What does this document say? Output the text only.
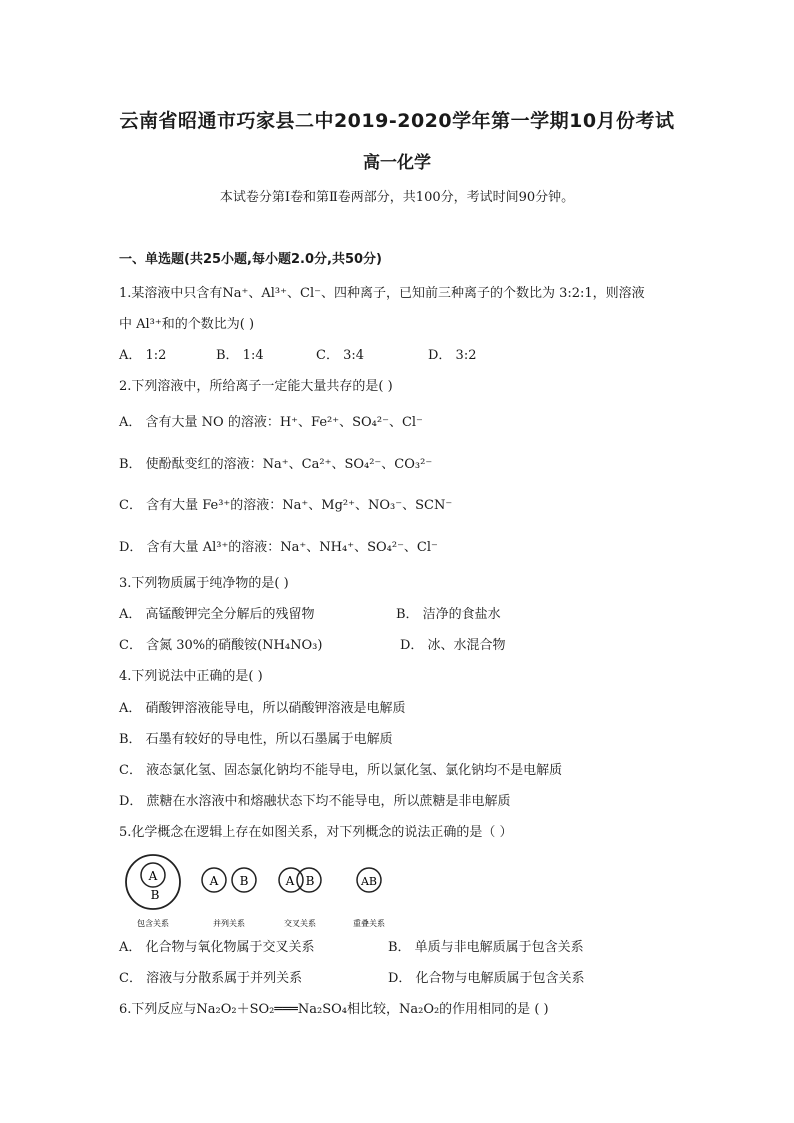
云南省昭通市巧家县二中2019-2020学年第一学期10月份考试
高一化学
本试卷分第Ⅰ卷和第Ⅱ卷两部分，共100分，考试时间90分钟。
一、单选题(共25小题,每小题2.0分,共50分)
1.某溶液中只含有Na⁺、Al³⁺、Cl⁻、四种离子，已知前三种离子的个数比为 3:2:1，则溶液
中 Al³⁺和的个数比为( )
A． 1:2	B． 1:4	C． 3:4	D． 3:2
2.下列溶液中，所给离子一定能大量共存的是( )
A． 含有大量 NO 的溶液：H⁺、Fe²⁺、SO₄²⁻、Cl⁻
B． 使酚酞变红的溶液：Na⁺、Ca²⁺、SO₄²⁻、CO₃²⁻
C． 含有大量 Fe³⁺的溶液：Na⁺、Mg²⁺、NO₃⁻、SCN⁻
D． 含有大量 Al³⁺的溶液：Na⁺、NH₄⁺、SO₄²⁻、Cl⁻
3.下列物质属于纯净物的是( )
A． 高锰酸钾完全分解后的残留物	B． 洁净的食盐水
C． 含氮 30%的硝酸铵(NH₄NO₃)	D． 冰、水混合物
4.下列说法中正确的是( )
A． 硝酸钾溶液能导电，所以硝酸钾溶液是电解质
B． 石墨有较好的导电性，所以石墨属于电解质
C． 液态氯化氢、固态氯化钠均不能导电，所以氯化氢、氯化钠均不是电解质
D． 蔗糖在水溶液中和熔融状态下均不能导电，所以蔗糖是非电解质
5.化学概念在逻辑上存在如图关系，对下列概念的说法正确的是（ ）
A
B
包含关系
A B
并列关系
A B
交叉关系
AB
重叠关系
A． 化合物与氧化物属于交叉关系	B． 单质与非电解质属于包含关系
C． 溶液与分散系属于并列关系	D． 化合物与电解质属于包含关系
6.下列反应与Na₂O₂＋SO₂═══Na₂SO₄相比较，Na₂O₂的作用相同的是 ( )
